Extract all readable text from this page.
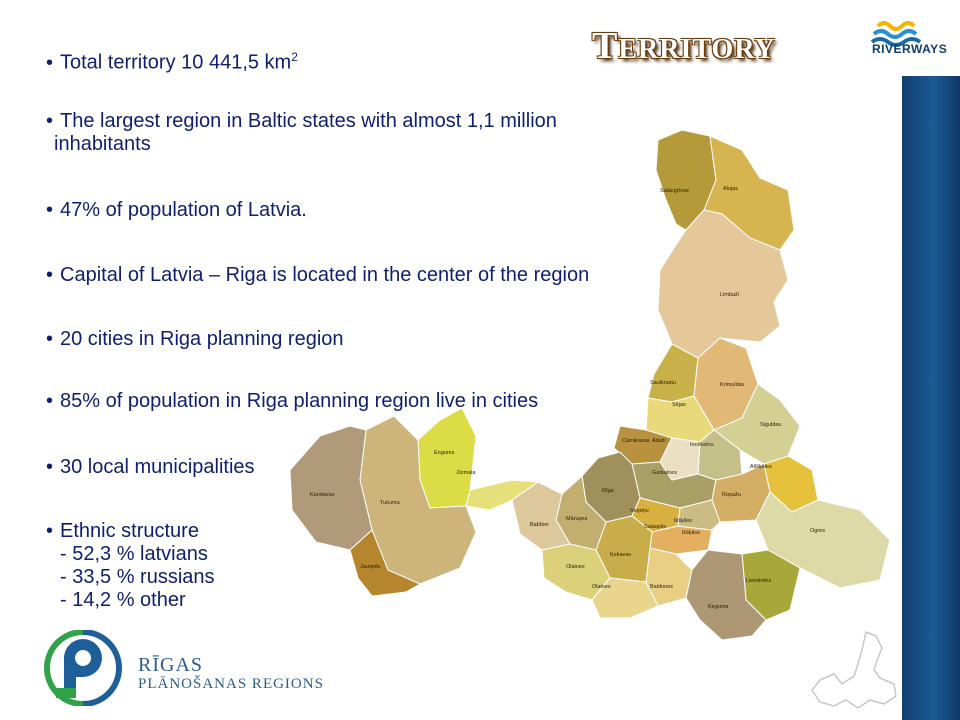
TERRITORY	RIVERWAYS
Salacgrīvas	Alojas
Limbaži
Saulkrastu	Krimuldas
Sējas
Siguldas
Carnikavas Ādaži
Incēkalnu
Garkalnes
Allšķāles
Ropažu
Rīga
Stopiņu
Salaspils
Ikšķiles
Ikšķiles	Ogres
Jūrmala
Engures
Tukuma
Kandavas
Jaunpils
Babītes
Mārupes
Olaines
Olaines
Ķekavas
Baldones
Lielvārdes
Ķeguma
• Total territory 10 441,5 $km^2$
• The largest region in Baltic states with almost 1,1 million
inhabitants
• 47% of population of Latvia.
• Capital of Latvia – Riga is located in the center of the region
• 20 cities in Riga planning region
• 85% of population in Riga planning region live in cities
• 30 local municipalities
• Ethnic structure
- 52,3 % latvians
- 33,5 % russians
- 14,2 % other
RĪGAS
PLĀNOŠANAS REGIONS
